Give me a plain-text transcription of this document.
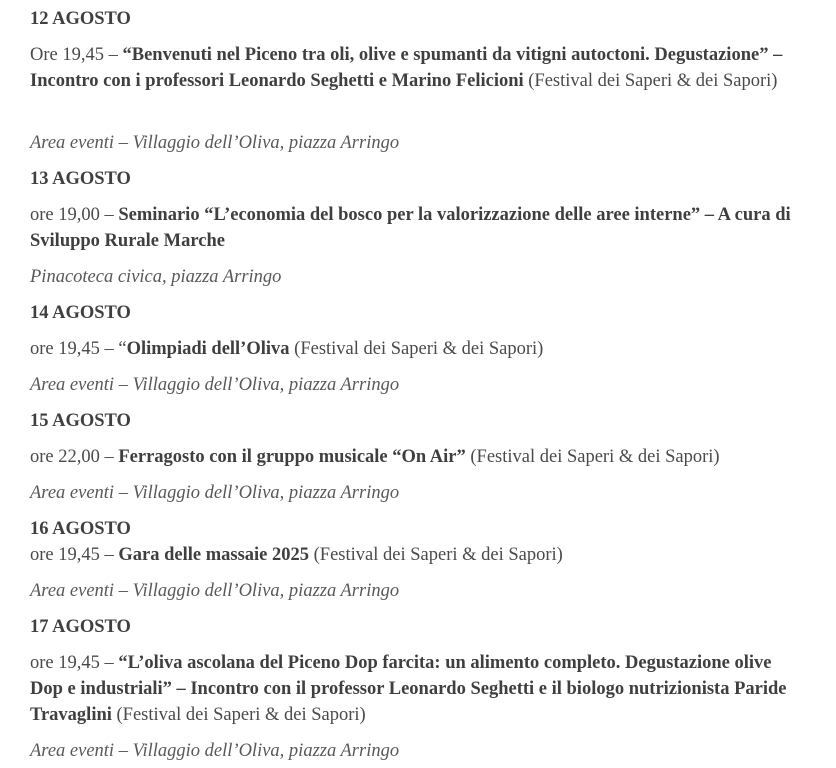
12 AGOSTO

Ore 19,45 – “Benvenuti nel Piceno tra oli, olive e spumanti da vitigni autoctoni. Degustazione” – Incontro con i professori Leonardo Seghetti e Marino Felicioni (Festival dei Saperi & dei Sapori)

Area eventi – Villaggio dell’Oliva, piazza Arringo

13 AGOSTO

ore 19,00 – Seminario “L’economia del bosco per la valorizzazione delle aree interne” – A cura di Sviluppo Rurale Marche

Pinacoteca civica, piazza Arringo

14 AGOSTO

ore 19,45 – “Olimpiadi dell’Oliva (Festival dei Saperi & dei Sapori)

Area eventi – Villaggio dell’Oliva, piazza Arringo

15 AGOSTO

ore 22,00 – Ferragosto con il gruppo musicale “On Air” (Festival dei Saperi & dei Sapori)

Area eventi – Villaggio dell’Oliva, piazza Arringo

16 AGOSTO

ore 19,45 – Gara delle massaie 2025 (Festival dei Saperi & dei Sapori)

Area eventi – Villaggio dell’Oliva, piazza Arringo

17 AGOSTO

ore 19,45 – “L’oliva ascolana del Piceno Dop farcita: un alimento completo. Degustazione olive Dop e industriali” – Incontro con il professor Leonardo Seghetti e il biologo nutrizionista Paride Travaglini (Festival dei Saperi & dei Sapori)

Area eventi – Villaggio dell’Oliva, piazza Arringo
